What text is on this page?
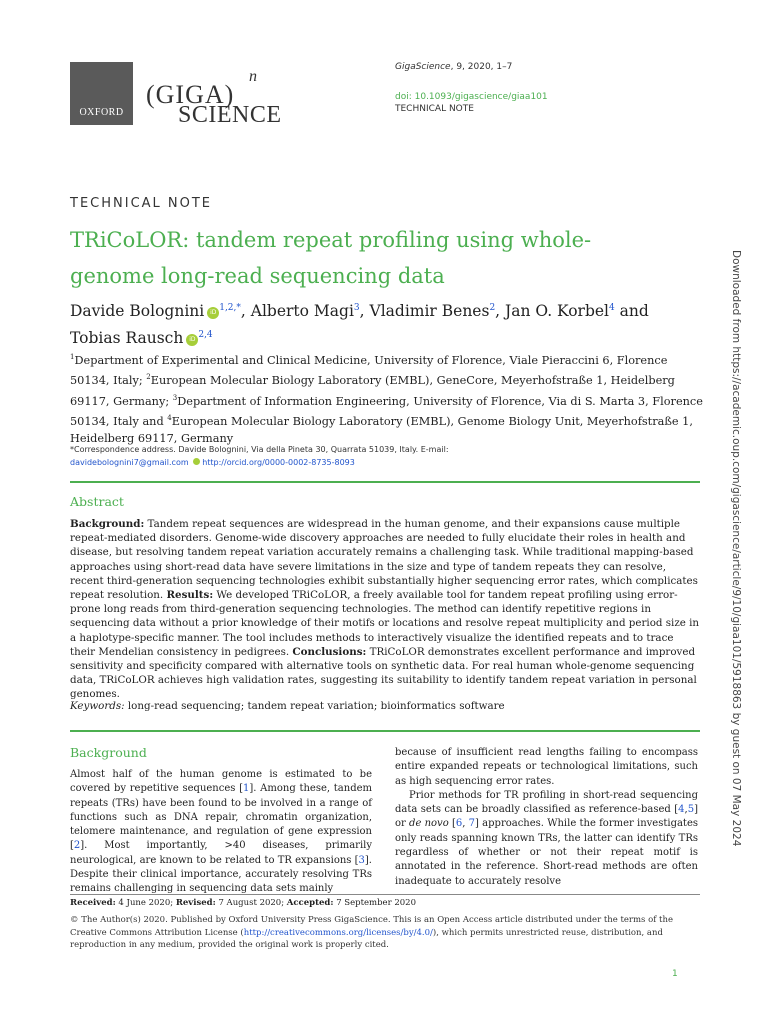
OXFORD
(GIGA)
n
SCIENCE
GigaScience, 9, 2020, 1–7
doi: 10.1093/gigascience/giaa101
TECHNICAL NOTE
TECHNICAL NOTE
TRiCoLOR: tandem repeat profiling using whole-genome long-read sequencing data
Davide Bolognini iD $^{1,2,*}$, Alberto Magi$^3$, Vladimir Benes$^2$, Jan O. Korbel$^4$ and Tobias Rausch iD $^{2,4}$
$^1$Department of Experimental and Clinical Medicine, University of Florence, Viale Pieraccini 6, Florence 50134, Italy; $^2$European Molecular Biology Laboratory (EMBL), GeneCore, Meyerhofstraße 1, Heidelberg 69117, Germany; $^3$Department of Information Engineering, University of Florence, Via di S. Marta 3, Florence 50134, Italy and $^4$European Molecular Biology Laboratory (EMBL), Genome Biology Unit, Meyerhofstraße 1, Heidelberg 69117, Germany
*Correspondence address. Davide Bolognini, Via della Pineta 30, Quarrata 51039, Italy. E-mail:
davidebolognini7@gmail.com http://orcid.org/0000-0002-8735-8093
Abstract
Background: Tandem repeat sequences are widespread in the human genome, and their expansions cause multiple repeat-mediated disorders. Genome-wide discovery approaches are needed to fully elucidate their roles in health and disease, but resolving tandem repeat variation accurately remains a challenging task. While traditional mapping-based approaches using short-read data have severe limitations in the size and type of tandem repeats they can resolve, recent third-generation sequencing technologies exhibit substantially higher sequencing error rates, which complicates repeat resolution. Results: We developed TRiCoLOR, a freely available tool for tandem repeat profiling using error-prone long reads from third-generation sequencing technologies. The method can identify repetitive regions in sequencing data without a prior knowledge of their motifs or locations and resolve repeat multiplicity and period size in a haplotype-specific manner. The tool includes methods to interactively visualize the identified repeats and to trace their Mendelian consistency in pedigrees. Conclusions: TRiCoLOR demonstrates excellent performance and improved sensitivity and specificity compared with alternative tools on synthetic data. For real human whole-genome sequencing data, TRiCoLOR achieves high validation rates, suggesting its suitability to identify tandem repeat variation in personal genomes.
Keywords: long-read sequencing; tandem repeat variation; bioinformatics software
Background
Almost half of the human genome is estimated to be covered by repetitive sequences [1]. Among these, tandem repeats (TRs) have been found to be involved in a range of functions such as DNA repair, chromatin organization, telomere maintenance, and regulation of gene expression [2]. Most importantly, >40 diseases, primarily neurological, are known to be related to TR expansions [3]. Despite their clinical importance, accurately resolving TRs remains challenging in sequencing data sets mainly
because of insufficient read lengths failing to encompass entire expanded repeats or technological limitations, such as high sequencing error rates.
Prior methods for TR profiling in short-read sequencing data sets can be broadly classified as reference-based [4,5] or de novo [6, 7] approaches. While the former investigates only reads spanning known TRs, the latter can identify TRs regardless of whether or not their repeat motif is annotated in the reference. Short-read methods are often inadequate to accurately resolve
Received: 4 June 2020; Revised: 7 August 2020; Accepted: 7 September 2020
© The Author(s) 2020. Published by Oxford University Press GigaScience. This is an Open Access article distributed under the terms of the Creative Commons Attribution License (http://creativecommons.org/licenses/by/4.0/), which permits unrestricted reuse, distribution, and reproduction in any medium, provided the original work is properly cited.
1
Downloaded from https://academic.oup.com/gigascience/article/9/10/giaa101/5918863 by guest on 07 May 2024
